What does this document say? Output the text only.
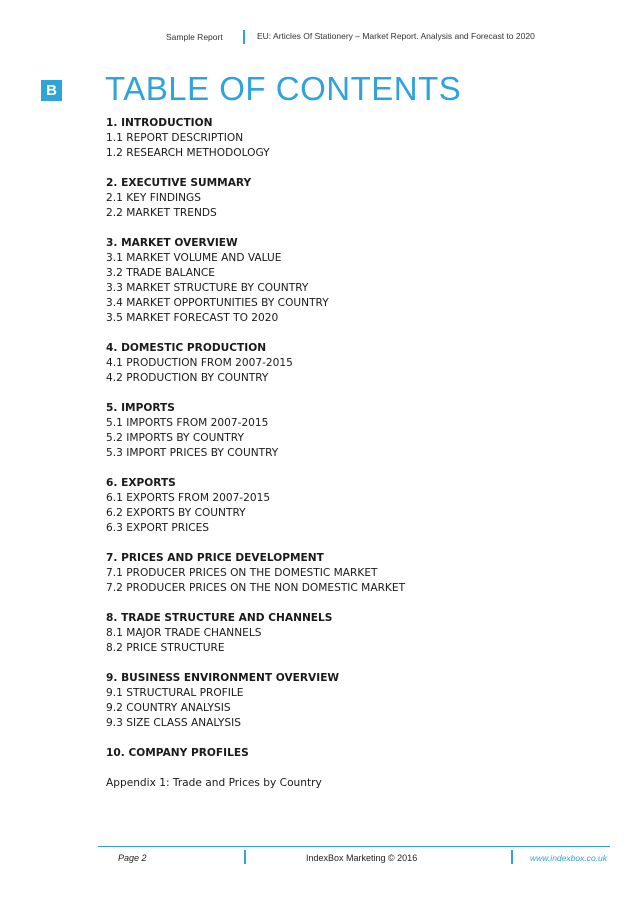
Sample Report	EU: Articles Of Stationery – Market Report. Analysis and Forecast to 2020
B TABLE OF CONTENTS
1. INTRODUCTION
1.1 REPORT DESCRIPTION
1.2 RESEARCH METHODOLOGY
2. EXECUTIVE SUMMARY
2.1 KEY FINDINGS
2.2 MARKET TRENDS
3. MARKET OVERVIEW
3.1 MARKET VOLUME AND VALUE
3.2 TRADE BALANCE
3.3 MARKET STRUCTURE BY COUNTRY
3.4 MARKET OPPORTUNITIES BY COUNTRY
3.5 MARKET FORECAST TO 2020
4. DOMESTIC PRODUCTION
4.1 PRODUCTION FROM 2007-2015
4.2 PRODUCTION BY COUNTRY
5. IMPORTS
5.1 IMPORTS FROM 2007-2015
5.2 IMPORTS BY COUNTRY
5.3 IMPORT PRICES BY COUNTRY
6. EXPORTS
6.1 EXPORTS FROM 2007-2015
6.2 EXPORTS BY COUNTRY
6.3 EXPORT PRICES
7. PRICES AND PRICE DEVELOPMENT
7.1 PRODUCER PRICES ON THE DOMESTIC MARKET
7.2 PRODUCER PRICES ON THE NON DOMESTIC MARKET
8. TRADE STRUCTURE AND CHANNELS
8.1 MAJOR TRADE CHANNELS
8.2 PRICE STRUCTURE
9. BUSINESS ENVIRONMENT OVERVIEW
9.1 STRUCTURAL PROFILE
9.2 COUNTRY ANALYSIS
9.3 SIZE CLASS ANALYSIS
10. COMPANY PROFILES
Appendix 1: Trade and Prices by Country
Page 2	IndexBox Marketing © 2016	www.indexbox.co.uk
